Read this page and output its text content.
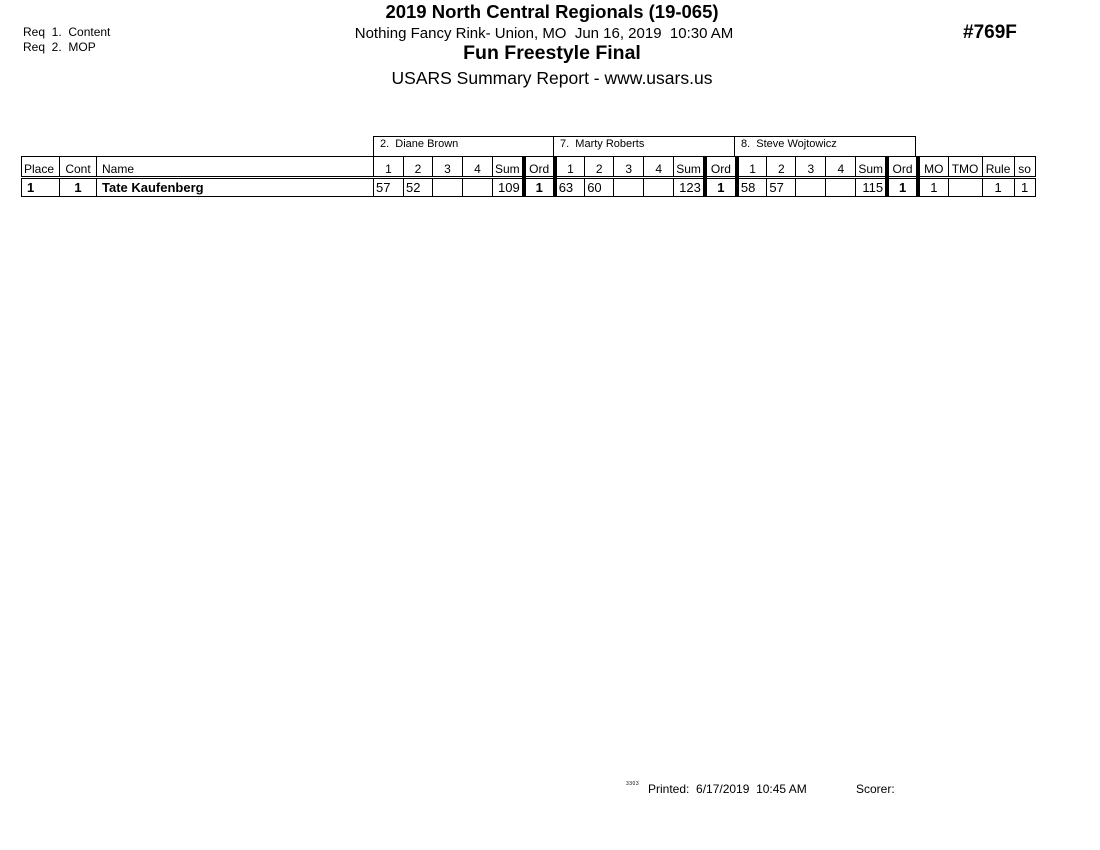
Req  1.  Content
Req  2.  MOP
2019 North Central Regionals (19-065)
Nothing Fancy Rink- Union, MO  Jun 16, 2019  10:30 AM
Fun Freestyle Final
USARS Summary Report - www.usars.us
#769F
2.  Diane Brown	7.  Marty Roberts	8.  Steve Wojtowicz
Place	Cont	Name	1	2	3	4	Sum	Ord	1	2	3	4	Sum	Ord	1	2	3	4	Sum	Ord	MO	TMO	Rule	so
1	1	Tate Kaufenberg	57	52			109	1	63	60			123	1	58	57			115	1	1		1	1
3303 Printed:  6/17/2019  10:45 AM	Scorer:
